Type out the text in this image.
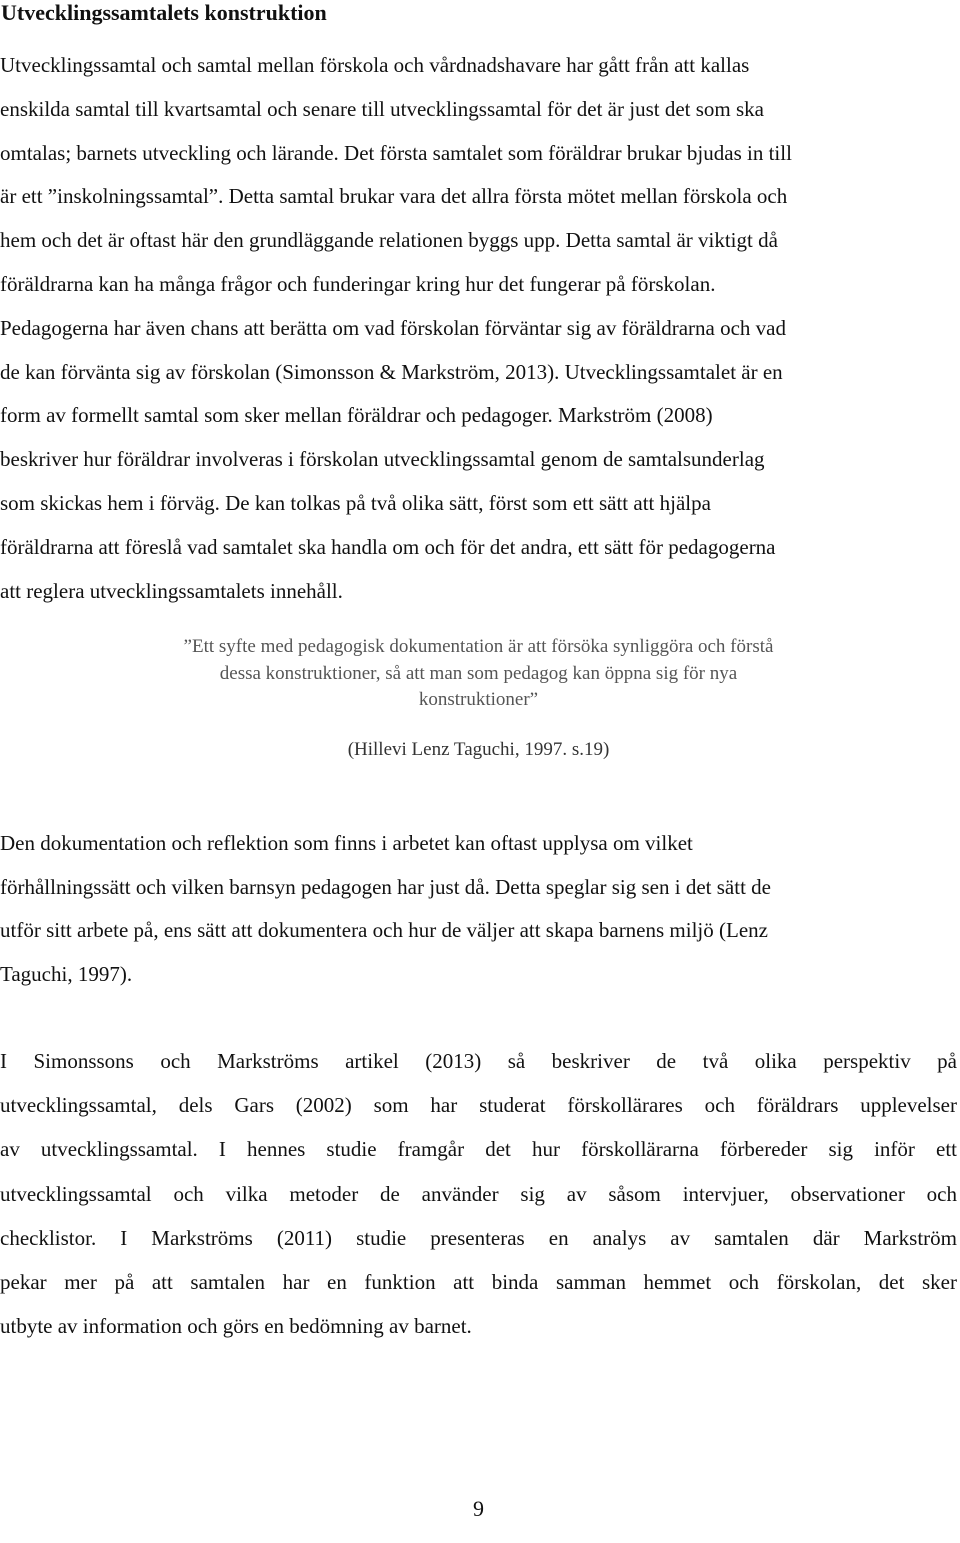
Utvecklingssamtalets konstruktion
Utvecklingssamtal och samtal mellan förskola och vårdnadshavare har gått från att kallas
enskilda samtal till kvartsamtal och senare till utvecklingssamtal för det är just det som ska
omtalas; barnets utveckling och lärande. Det första samtalet som föräldrar brukar bjudas in till
är ett ”inskolningssamtal”. Detta samtal brukar vara det allra första mötet mellan förskola och
hem och det är oftast här den grundläggande relationen byggs upp. Detta samtal är viktigt då
föräldrarna kan ha många frågor och funderingar kring hur det fungerar på förskolan.
Pedagogerna har även chans att berätta om vad förskolan förväntar sig av föräldrarna och vad
de kan förvänta sig av förskolan (Simonsson & Markström, 2013). Utvecklingssamtalet är en
form av formellt samtal som sker mellan föräldrar och pedagoger. Markström (2008)
beskriver hur föräldrar involveras i förskolan utvecklingssamtal genom de samtalsunderlag
som skickas hem i förväg. De kan tolkas på två olika sätt, först som ett sätt att hjälpa
föräldrarna att föreslå vad samtalet ska handla om och för det andra, ett sätt för pedagogerna
att reglera utvecklingssamtalets innehåll.
”Ett syfte med pedagogisk dokumentation är att försöka synliggöra och förstå
dessa konstruktioner, så att man som pedagog kan öppna sig för nya
konstruktioner”
(Hillevi Lenz Taguchi, 1997. s.19)
Den dokumentation och reflektion som finns i arbetet kan oftast upplysa om vilket
förhållningssätt och vilken barnsyn pedagogen har just då. Detta speglar sig sen i det sätt de
utför sitt arbete på, ens sätt att dokumentera och hur de väljer att skapa barnens miljö (Lenz
Taguchi, 1997).
I Simonssons och Markströms artikel (2013) så beskriver de två olika perspektiv på
utvecklingssamtal, dels Gars (2002) som har studerat förskollärares och föräldrars upplevelser
av utvecklingssamtal. I hennes studie framgår det hur förskollärarna förbereder sig inför ett
utvecklingssamtal och vilka metoder de använder sig av såsom intervjuer, observationer och
checklistor. I Markströms (2011) studie presenteras en analys av samtalen där Markström
pekar mer på att samtalen har en funktion att binda samman hemmet och förskolan, det sker
utbyte av information och görs en bedömning av barnet.
9
